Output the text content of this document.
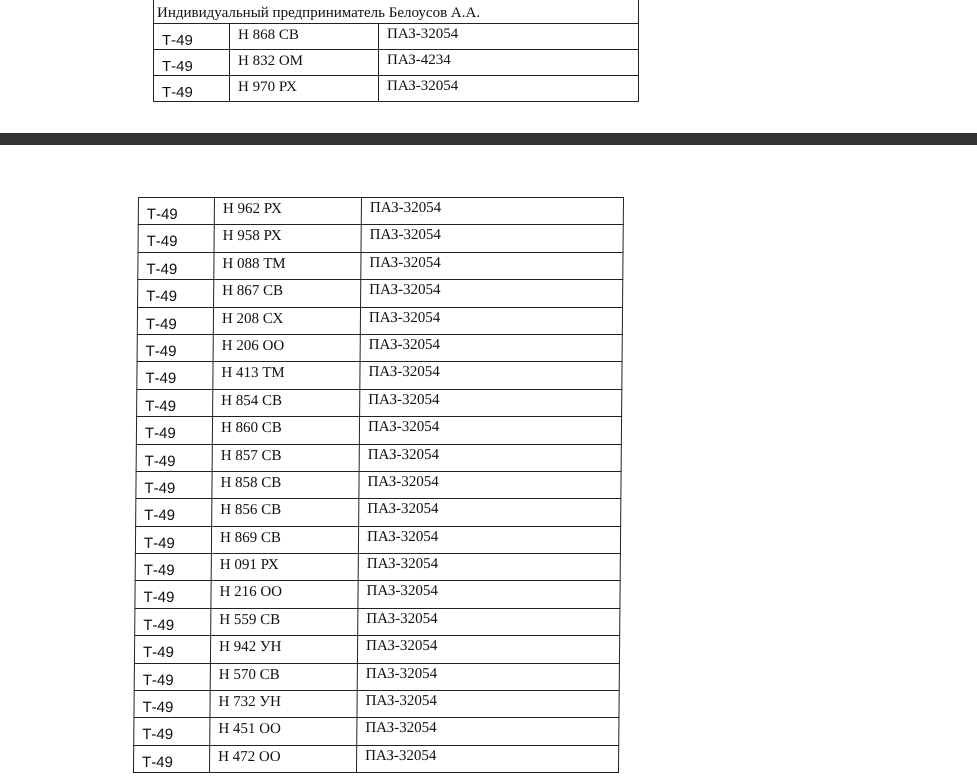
Индивидуальный предприниматель Белоусов А.А.		
Т-49	Н 868 СВ	ПАЗ-32054
Т-49	Н 832 ОМ	ПАЗ-4234
Т-49	Н 970 РХ	ПАЗ-32054
Т-49	Н 962 РХ	ПАЗ-32054
Т-49	Н 958 РХ	ПАЗ-32054
Т-49	Н 088 ТМ	ПАЗ-32054
Т-49	Н 867 СВ	ПАЗ-32054
Т-49	Н 208 СХ	ПАЗ-32054
Т-49	Н 206 ОО	ПАЗ-32054
Т-49	Н 413 ТМ	ПАЗ-32054
Т-49	Н 854 СВ	ПАЗ-32054
Т-49	Н 860 СВ	ПАЗ-32054
Т-49	Н 857 СВ	ПАЗ-32054
Т-49	Н 858 СВ	ПАЗ-32054
Т-49	Н 856 СВ	ПАЗ-32054
Т-49	Н 869 СВ	ПАЗ-32054
Т-49	Н 091 РХ	ПАЗ-32054
Т-49	Н 216 ОО	ПАЗ-32054
Т-49	Н 559 СВ	ПАЗ-32054
Т-49	Н 942 УН	ПАЗ-32054
Т-49	Н 570 СВ	ПАЗ-32054
Т-49	Н 732 УН	ПАЗ-32054
Т-49	Н 451 ОО	ПАЗ-32054
Т-49	Н 472 ОО	ПАЗ-32054
